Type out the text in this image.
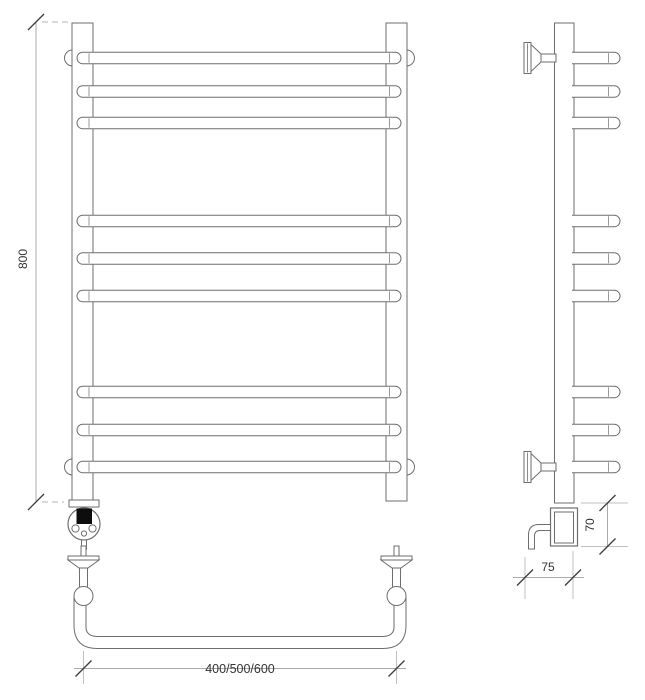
800
400/500/600
70
75
